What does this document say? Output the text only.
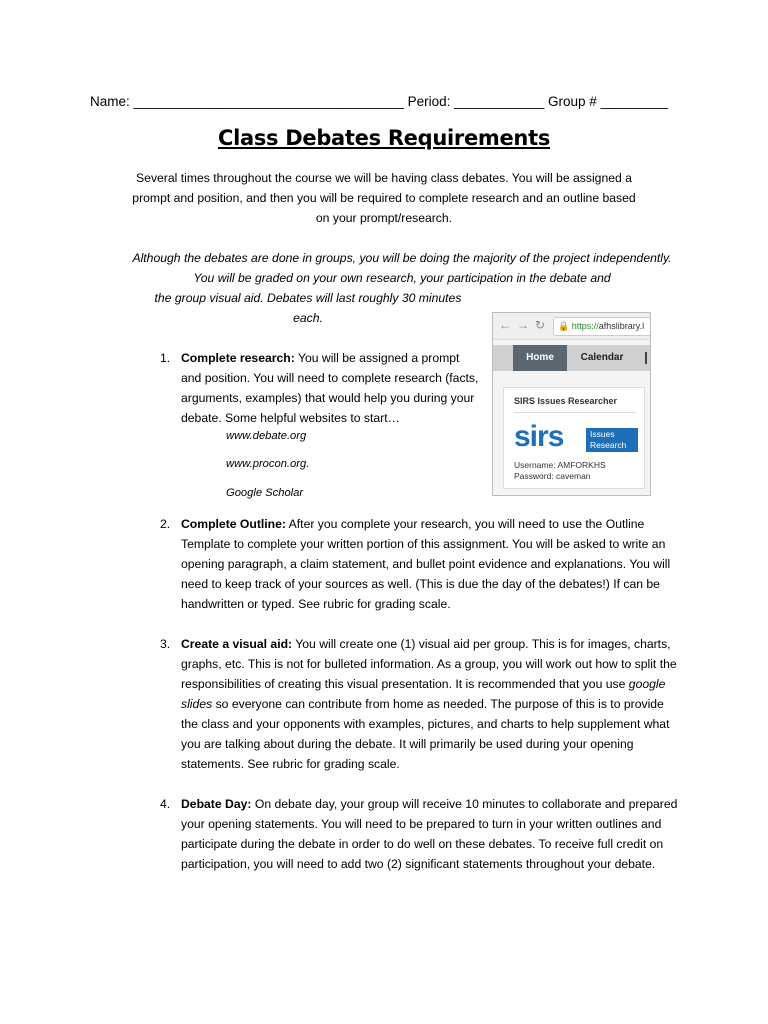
Name: ____________________________________ Period: ____________ Group # _________
Class Debates Requirements
Several times throughout the course we will be having class debates. You will be assigned a prompt and position, and then you will be required to complete research and an outline based on your prompt/research.
Although the debates are done in groups, you will be doing the majority of the project independently. You will be graded on your own research, your participation in the debate and
the group visual aid. Debates will last roughly 30 minutes
each.
1. Complete research: You will be assigned a prompt and position. You will need to complete research (facts, arguments, examples) that would help you during your debate. Some helpful websites to start…
www.debate.org
www.procon.org.
Google Scholar
← → ↻	🔒 https://afhslibrary.l
Home	Calendar
SIRS Issues Researcher
sirs	Issues
Research
Username: AMFORKHS
Password: caveman
2. Complete Outline: After you complete your research, you will need to use the Outline Template to complete your written portion of this assignment. You will be asked to write an opening paragraph, a claim statement, and bullet point evidence and explanations. You will need to keep track of your sources as well. (This is due the day of the debates!) If can be handwritten or typed. See rubric for grading scale.
3. Create a visual aid: You will create one (1) visual aid per group. This is for images, charts, graphs, etc. This is not for bulleted information. As a group, you will work out how to split the responsibilities of creating this visual presentation. It is recommended that you use google slides so everyone can contribute from home as needed. The purpose of this is to provide the class and your opponents with examples, pictures, and charts to help supplement what you are talking about during the debate. It will primarily be used during your opening statements. See rubric for grading scale.
4. Debate Day: On debate day, your group will receive 10 minutes to collaborate and prepared your opening statements. You will need to be prepared to turn in your written outlines and participate during the debate in order to do well on these debates. To receive full credit on participation, you will need to add two (2) significant statements throughout your debate.
